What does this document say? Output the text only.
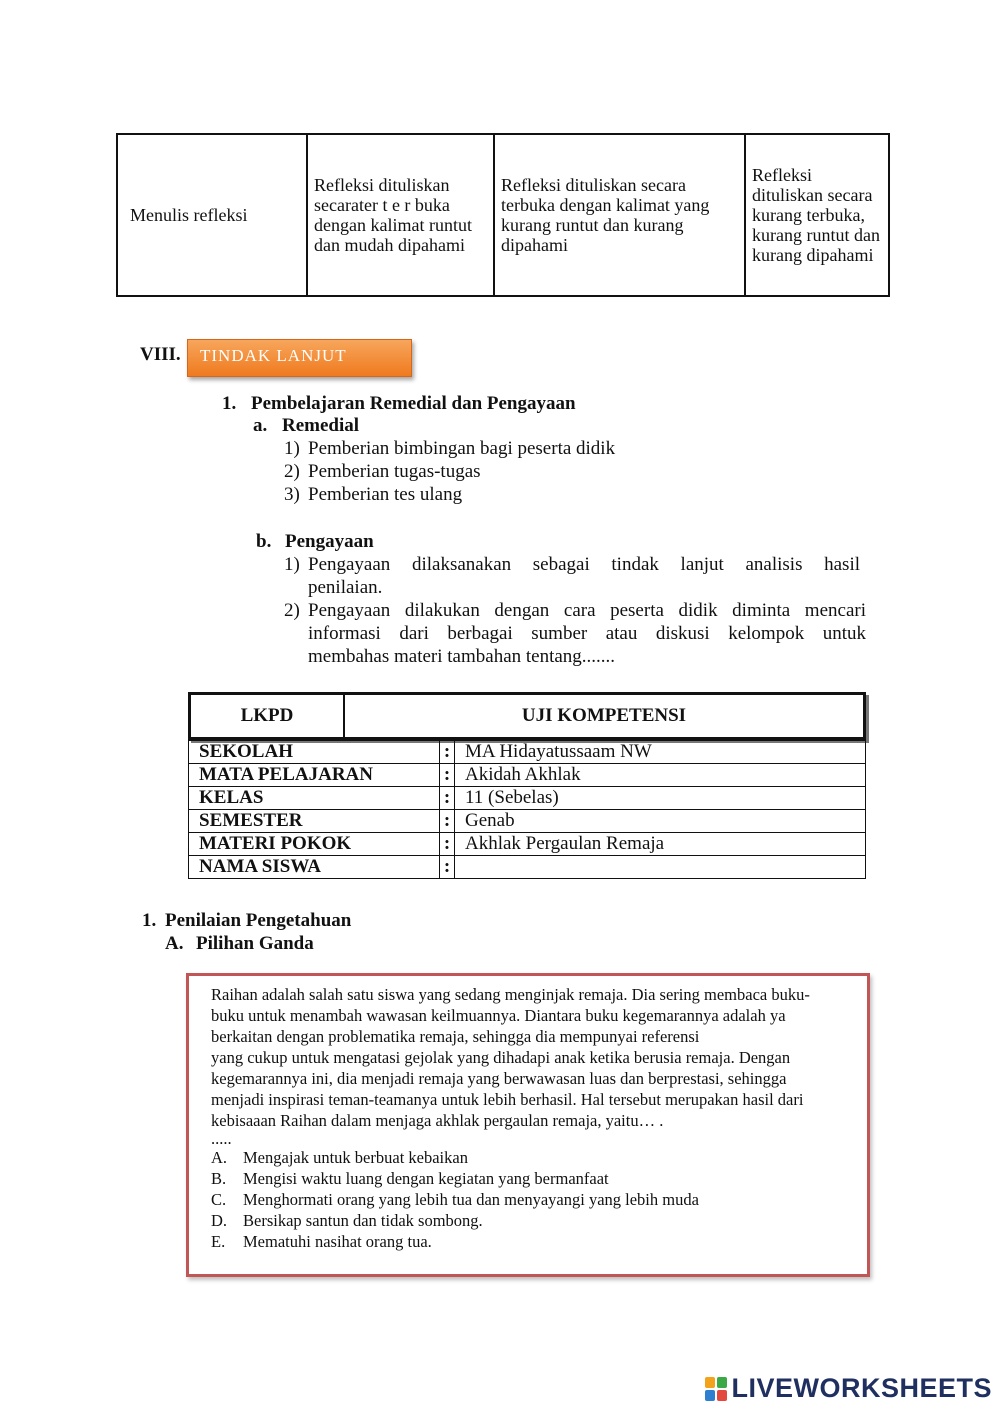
Menulis refleksi	Refleksi dituliskan secarater t e r buka dengan kalimat runtut dan mudah dipahami	Refleksi dituliskan secara terbuka dengan kalimat yang kurang runtut dan kurang dipahami	Refleksi dituliskan secara kurang terbuka, kurang runtut dan kurang dipahami
VIII.	TINDAK LANJUT
1. Pembelajaran Remedial dan Pengayaan
a. Remedial
1) Pemberian bimbingan bagi peserta didik
2) Pemberian tugas-tugas
3) Pemberian tes ulang
b. Pengayaan
1) Pengayaan  dilaksanakan  sebagai  tindak  lanjut  analisis  hasil
penilaian.
2) Pengayaan dilakukan dengan cara peserta didik diminta mencari
informasi  dari  berbagai  sumber  atau  diskusi  kelompok  untuk
membahas materi tambahan tentang.......
LKPD	UJI KOMPETENSI
SEKOLAH	:	MA Hidayatussaam NW
MATA PELAJARAN	:	Akidah Akhlak
KELAS	:	11 (Sebelas)
SEMESTER	:	Genab
MATERI POKOK	:	Akhlak Pergaulan Remaja
NAMA SISWA	:	
1. Penilaian Pengetahuan
A. Pilihan Ganda

Raihan adalah salah satu siswa yang sedang menginjak remaja. Dia sering membaca buku-

buku untuk menambah wawasan keilmuannya. Diantara buku kegemarannya adalah ya

berkaitan dengan problematika remaja, sehingga dia mempunyai referensi

yang cukup untuk mengatasi gejolak yang dihadapi anak ketika berusia remaja. Dengan

kegemarannya ini, dia menjadi remaja yang berwawasan luas dan berprestasi, sehingga

menjadi inspirasi teman-teamanya untuk lebih berhasil. Hal tersebut merupakan hasil dari

kebisaaan Raihan dalam menjaga akhlak pergaulan remaja, yaitu… .

.....

A. Mengajak untuk berbuat kebaikan

B.	Mengisi waktu luang dengan kegiatan yang bermanfaat

C.	Menghormati orang yang lebih tua dan menyayangi yang lebih muda

D. Bersikap santun dan tidak sombong.

E.	Mematuhi nasihat orang tua.

LIVEWORKSHEETS
